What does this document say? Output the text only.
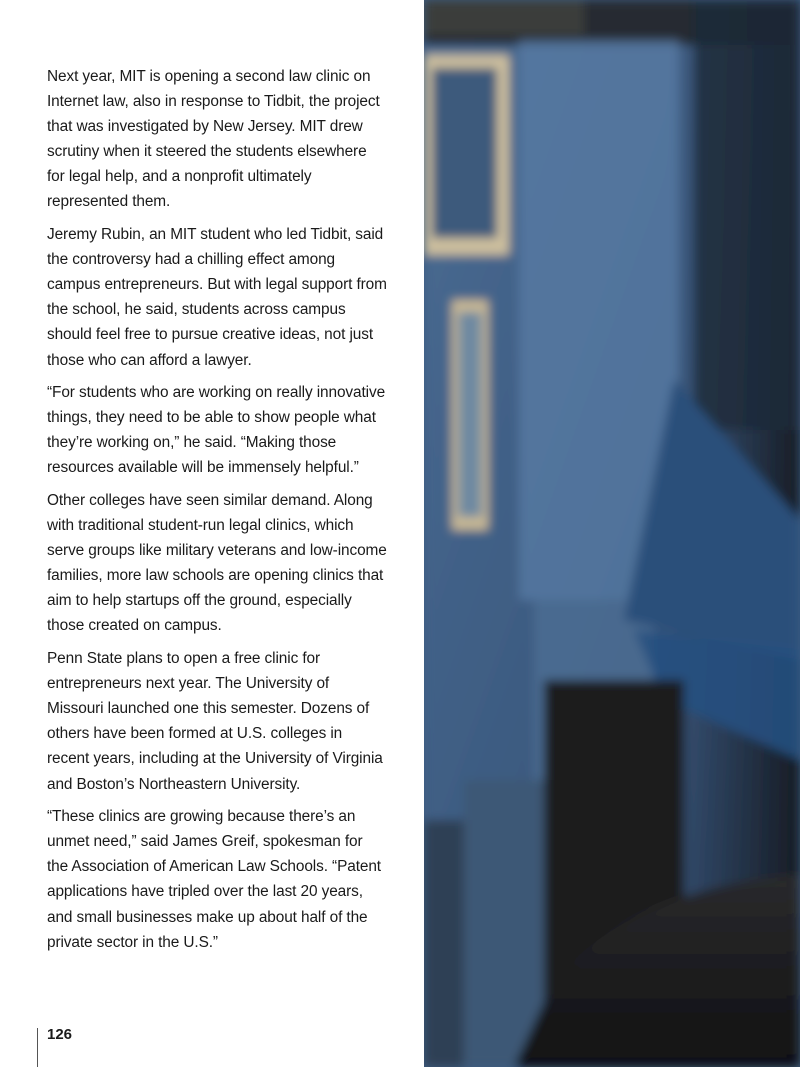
Next year, MIT is opening a second law clinic on Internet law, also in response to Tidbit, the project that was investigated by New Jersey. MIT drew scrutiny when it steered the students elsewhere for legal help, and a nonprofit ultimately represented them.

Jeremy Rubin, an MIT student who led Tidbit, said the controversy had a chilling effect among campus entrepreneurs. But with legal support from the school, he said, students across campus should feel free to pursue creative ideas, not just those who can afford a lawyer.

“For students who are working on really innovative things, they need to be able to show people what they’re working on,” he said. “Making those resources available will be immensely helpful.”

Other colleges have seen similar demand. Along with traditional student-run legal clinics, which serve groups like military veterans and low-income families, more law schools are opening clinics that aim to help startups off the ground, especially those created on campus.

Penn State plans to open a free clinic for entrepreneurs next year. The University of Missouri launched one this semester. Dozens of others have been formed at U.S. colleges in recent years, including at the University of Virginia and Boston’s Northeastern University.

“These clinics are growing because there’s an unmet need,” said James Greif, spokesman for the Association of American Law Schools. “Patent applications have tripled over the last 20 years, and small businesses make up about half of the private sector in the U.S.”

126
